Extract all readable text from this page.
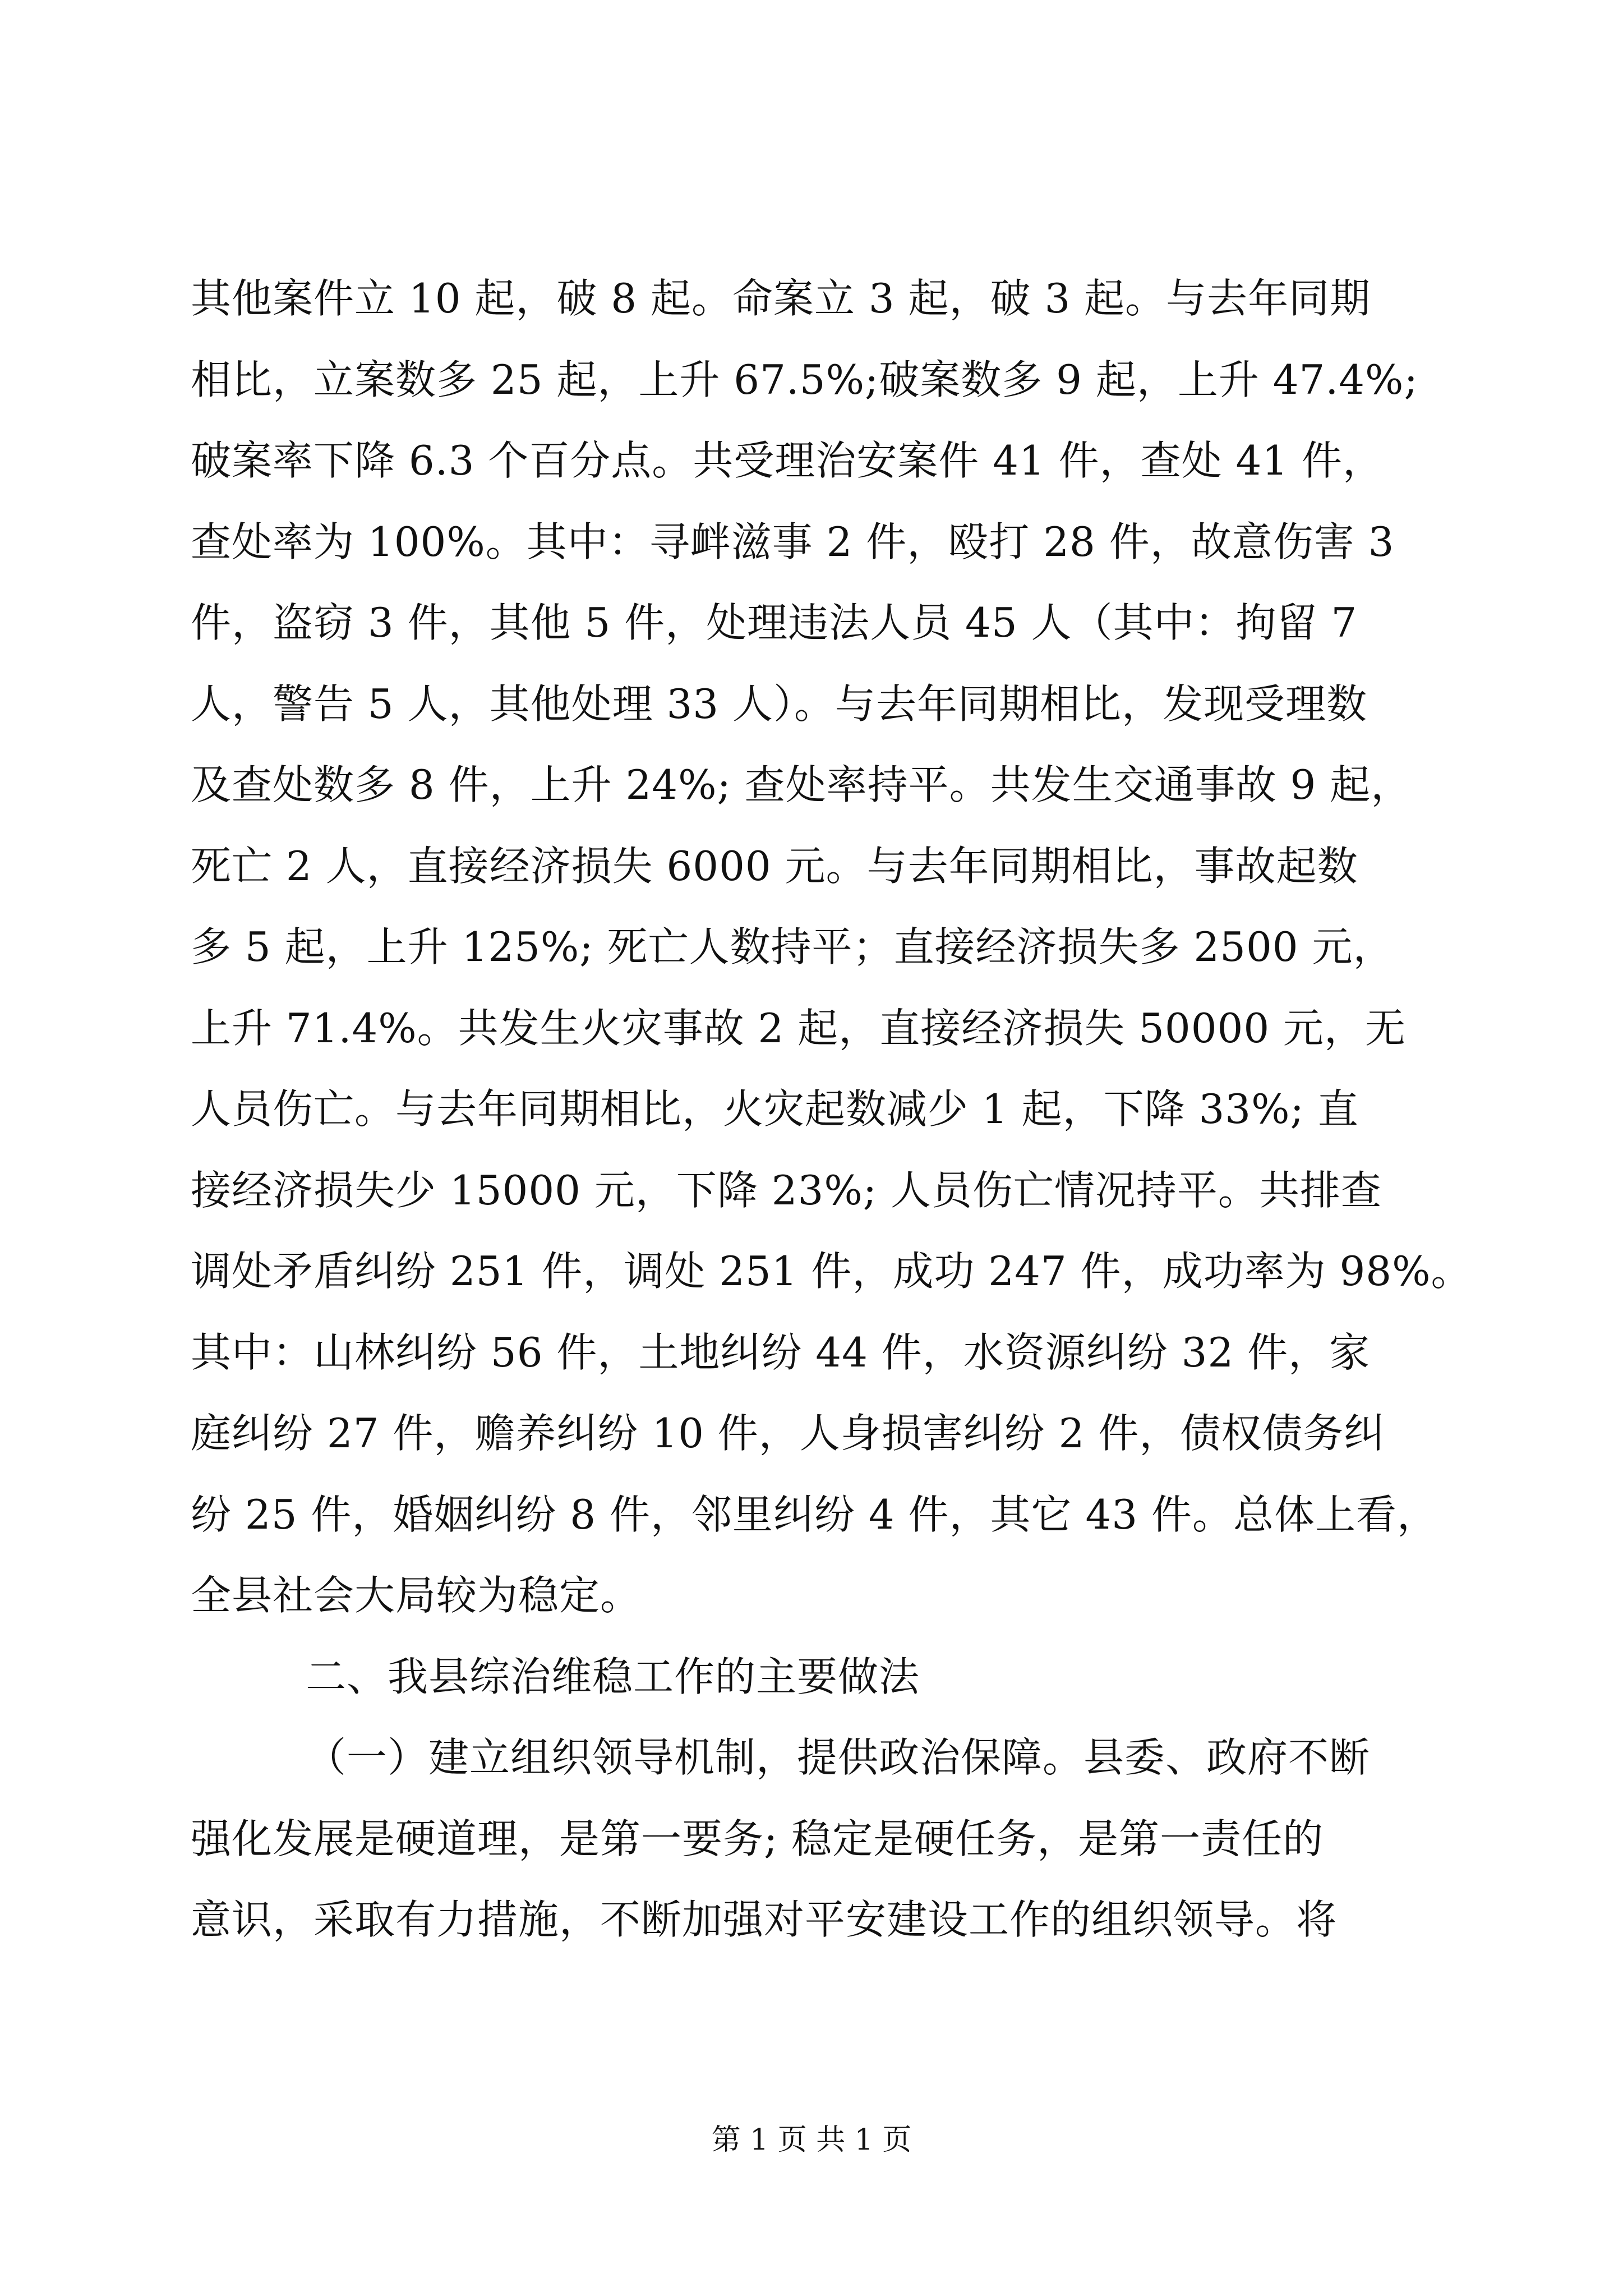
其他案件立 10 起，破 8 起。命案立 3 起，破 3 起。与去年同期
相比，立案数多 25 起，上升 67.5%;破案数多 9 起，上升 47.4%;
破案率下降 6.3 个百分点。共受理治安案件 41 件，查处 41 件，
查处率为 100%。其中：寻衅滋事 2 件，殴打 28 件，故意伤害 3
件，盗窃 3 件，其他 5 件，处理违法人员 45 人（其中：拘留 7
人，警告 5 人，其他处理 33 人）。与去年同期相比，发现受理数
及查处数多 8 件，上升 24%; 查处率持平。共发生交通事故 9 起，
死亡 2 人，直接经济损失 6000 元。与去年同期相比，事故起数
多 5 起，上升 125%; 死亡人数持平；直接经济损失多 2500 元，
上升 71.4%。共发生火灾事故 2 起，直接经济损失 50000 元，无
人员伤亡。与去年同期相比，火灾起数减少 1 起，下降 33%; 直
接经济损失少 15000 元，下降 23%; 人员伤亡情况持平。共排查
调处矛盾纠纷 251 件，调处 251 件，成功 247 件，成功率为 98%。
其中：山林纠纷 56 件，土地纠纷 44 件，水资源纠纷 32 件，家
庭纠纷 27 件，赡养纠纷 10 件，人身损害纠纷 2 件，债权债务纠
纷 25 件，婚姻纠纷 8 件，邻里纠纷 4 件，其它 43 件。总体上看，
全县社会大局较为稳定。
二、我县综治维稳工作的主要做法
（一）建立组织领导机制，提供政治保障。县委、政府不断
强化发展是硬道理，是第一要务; 稳定是硬任务，是第一责任的
意识，采取有力措施，不断加强对平安建设工作的组织领导。将
第 1 页 共 1 页
